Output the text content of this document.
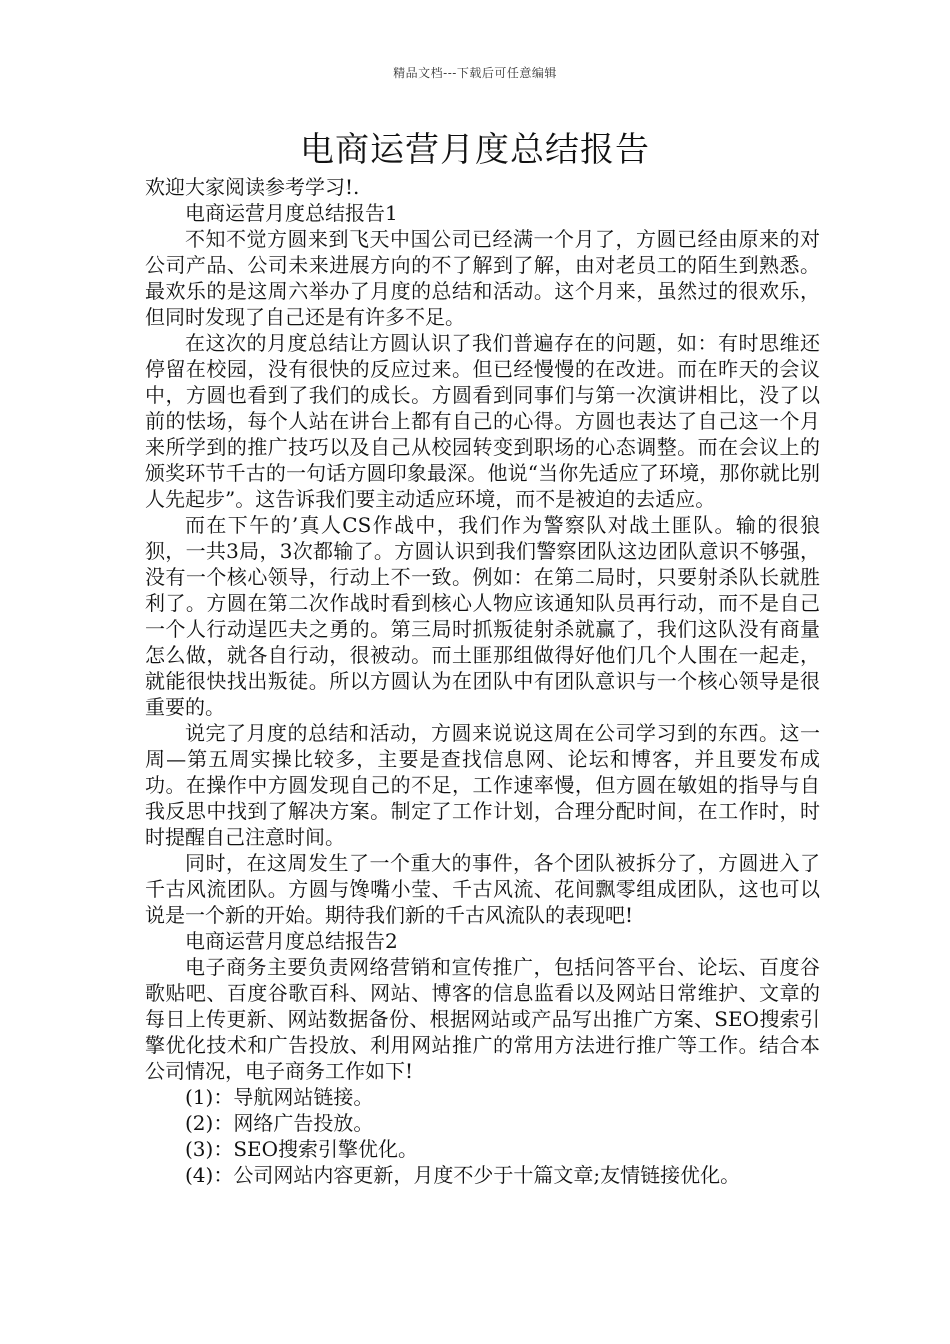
精品文档---下载后可任意编辑
电商运营月度总结报告

欢迎大家阅读参考学习!.

电商运营月度总结报告1

不知不觉方圆来到飞天中国公司已经满一个月了，方圆已经由原来的对公司产品、公司未来进展方向的不了解到了解，由对老员工的陌生到熟悉。最欢乐的是这周六举办了月度的总结和活动。这个月来，虽然过的很欢乐，但同时发现了自己还是有许多不足。

在这次的月度总结让方圆认识了我们普遍存在的问题，如：有时思维还停留在校园，没有很快的反应过来。但已经慢慢的在改进。而在昨天的会议中，方圆也看到了我们的成长。方圆看到同事们与第一次演讲相比，没了以前的怯场，每个人站在讲台上都有自己的心得。方圆也表达了自己这一个月来所学到的推广技巧以及自己从校园转变到职场的心态调整。而在会议上的颁奖环节千古的一句话方圆印象最深。他说“当你先适应了环境，那你就比别人先起步”。这告诉我们要主动适应环境，而不是被迫的去适应。

而在下午的’真人CS作战中，我们作为警察队对战土匪队。输的很狼狈，一共3局，3次都输了。方圆认识到我们警察团队这边团队意识不够强，没有一个核心领导，行动上不一致。例如：在第二局时，只要射杀队长就胜利了。方圆在第二次作战时看到核心人物应该通知队员再行动，而不是自己一个人行动逞匹夫之勇的。第三局时抓叛徒射杀就赢了，我们这队没有商量怎么做，就各自行动，很被动。而土匪那组做得好他们几个人围在一起走，就能很快找出叛徒。所以方圆认为在团队中有团队意识与一个核心领导是很重要的。

说完了月度的总结和活动，方圆来说说这周在公司学习到的东西。这一周—第五周实操比较多，主要是查找信息网、论坛和博客，并且要发布成功。在操作中方圆发现自己的不足，工作速率慢，但方圆在敏姐的指导与自我反思中找到了解决方案。制定了工作计划，合理分配时间，在工作时，时时提醒自己注意时间。

同时，在这周发生了一个重大的事件，各个团队被拆分了，方圆进入了千古风流团队。方圆与馋嘴小莹、千古风流、花间飘零组成团队，这也可以说是一个新的开始。期待我们新的千古风流队的表现吧!

电商运营月度总结报告2

电子商务主要负责网络营销和宣传推广，包括问答平台、论坛、百度谷歌贴吧、百度谷歌百科、网站、博客的信息监看以及网站日常维护、文章的每日上传更新、网站数据备份、根据网站或产品写出推广方案、SEO搜索引擎优化技术和广告投放、利用网站推广的常用方法进行推广等工作。结合本公司情况，电子商务工作如下!

(1)：导航网站链接。

(2)：网络广告投放。

(3)：SEO搜索引擎优化。

(4)：公司网站内容更新，月度不少于十篇文章;友情链接优化。
